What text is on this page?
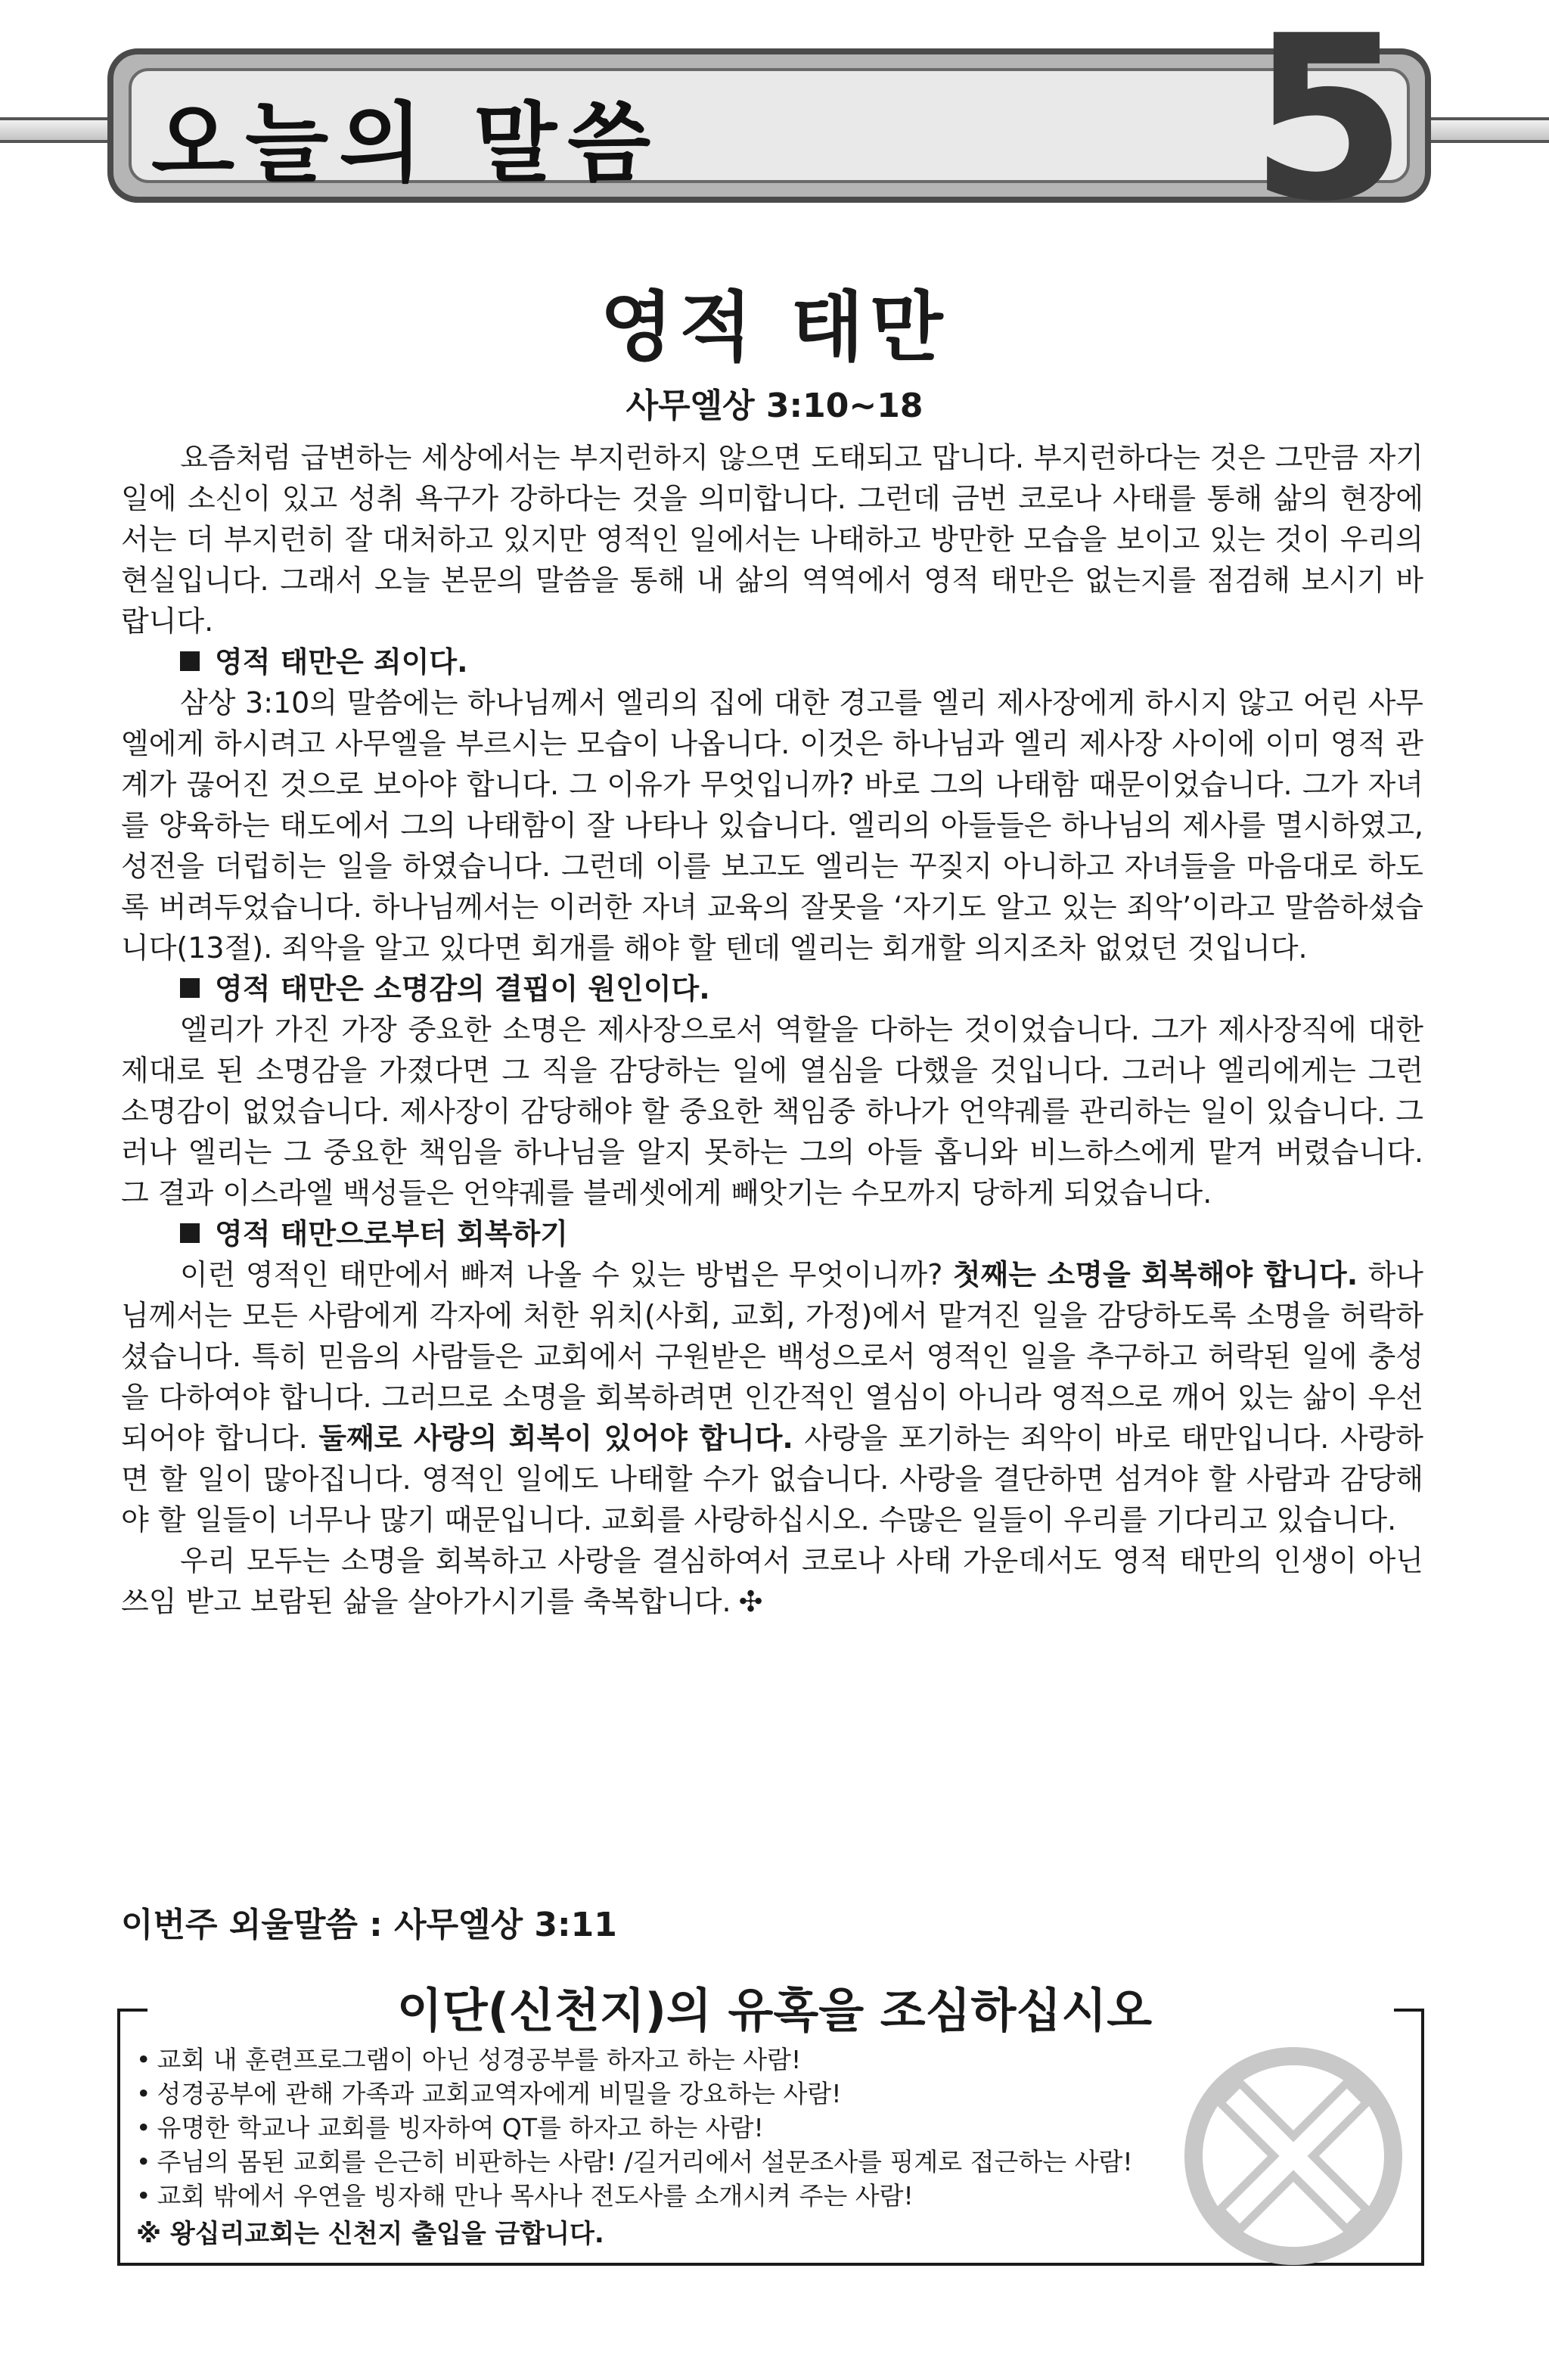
오늘의 말씀	5
영적 태만
사무엘상 3:10~18

요즘처럼 급변하는 세상에서는 부지런하지 않으면 도태되고 맙니다. 부지런하다는 것은 그만큼 자기 일에 소신이 있고 성취 욕구가 강하다는 것을 의미합니다. 그런데 금번 코로나 사태를 통해 삶의 현장에서는 더 부지런히 잘 대처하고 있지만 영적인 일에서는 나태하고 방만한 모습을 보이고 있는 것이 우리의 현실입니다. 그래서 오늘 본문의 말씀을 통해 내 삶의 역역에서 영적 태만은 없는지를 점검해 보시기 바랍니다.

영적 태만은 죄이다.

삼상 3:10의 말씀에는 하나님께서 엘리의 집에 대한 경고를 엘리 제사장에게 하시지 않고 어린 사무엘에게 하시려고 사무엘을 부르시는 모습이 나옵니다. 이것은 하나님과 엘리 제사장 사이에 이미 영적 관계가 끊어진 것으로 보아야 합니다. 그 이유가 무엇입니까? 바로 그의 나태함 때문이었습니다. 그가 자녀를 양육하는 태도에서 그의 나태함이 잘 나타나 있습니다. 엘리의 아들들은 하나님의 제사를 멸시하였고, 성전을 더럽히는 일을 하였습니다. 그런데 이를 보고도 엘리는 꾸짖지 아니하고 자녀들을 마음대로 하도록 버려두었습니다. 하나님께서는 이러한 자녀 교육의 잘못을 ‘자기도 알고 있는 죄악’이라고 말씀하셨습니다(13절). 죄악을 알고 있다면 회개를 해야 할 텐데 엘리는 회개할 의지조차 없었던 것입니다.

영적 태만은 소명감의 결핍이 원인이다.

엘리가 가진 가장 중요한 소명은 제사장으로서 역할을 다하는 것이었습니다. 그가 제사장직에 대한 제대로 된 소명감을 가졌다면 그 직을 감당하는 일에 열심을 다했을 것입니다. 그러나 엘리에게는 그런 소명감이 없었습니다. 제사장이 감당해야 할 중요한 책임중 하나가 언약궤를 관리하는 일이 있습니다. 그러나 엘리는 그 중요한 책임을 하나님을 알지 못하는 그의 아들 홉니와 비느하스에게 맡겨 버렸습니다. 그 결과 이스라엘 백성들은 언약궤를 블레셋에게 빼앗기는 수모까지 당하게 되었습니다.

영적 태만으로부터 회복하기

이런 영적인 태만에서 빠져 나올 수 있는 방법은 무엇이니까? 첫째는 소명을 회복해야 합니다. 하나님께서는 모든 사람에게 각자에 처한 위치(사회, 교회, 가정)에서 맡겨진 일을 감당하도록 소명을 허락하셨습니다. 특히 믿음의 사람들은 교회에서 구원받은 백성으로서 영적인 일을 추구하고 허락된 일에 충성을 다하여야 합니다. 그러므로 소명을 회복하려면 인간적인 열심이 아니라 영적으로 깨어 있는 삶이 우선 되어야 합니다. 둘째로 사랑의 회복이 있어야 합니다. 사랑을 포기하는 죄악이 바로 태만입니다. 사랑하면 할 일이 많아집니다. 영적인 일에도 나태할 수가 없습니다. 사랑을 결단하면 섬겨야 할 사람과 감당해야 할 일들이 너무나 많기 때문입니다. 교회를 사랑하십시오. 수많은 일들이 우리를 기다리고 있습니다.

우리 모두는 소명을 회복하고 사랑을 결심하여서 코로나 사태 가운데서도 영적 태만의 인생이 아닌 쓰임 받고 보람된 삶을 살아가시기를 축복합니다. ✣

이번주 외울말씀 : 사무엘상 3:11
이단(신천지)의 유혹을 조심하십시오
• 교회 내 훈련프로그램이 아닌 성경공부를 하자고 하는 사람!
• 성경공부에 관해 가족과 교회교역자에게 비밀을 강요하는 사람!
• 유명한 학교나 교회를 빙자하여 QT를 하자고 하는 사람!
• 주님의 몸된 교회를 은근히 비판하는 사람! /길거리에서 설문조사를 핑계로 접근하는 사람!
• 교회 밖에서 우연을 빙자해 만나 목사나 전도사를 소개시켜 주는 사람!
※ 왕십리교회는 신천지 출입을 금합니다.
